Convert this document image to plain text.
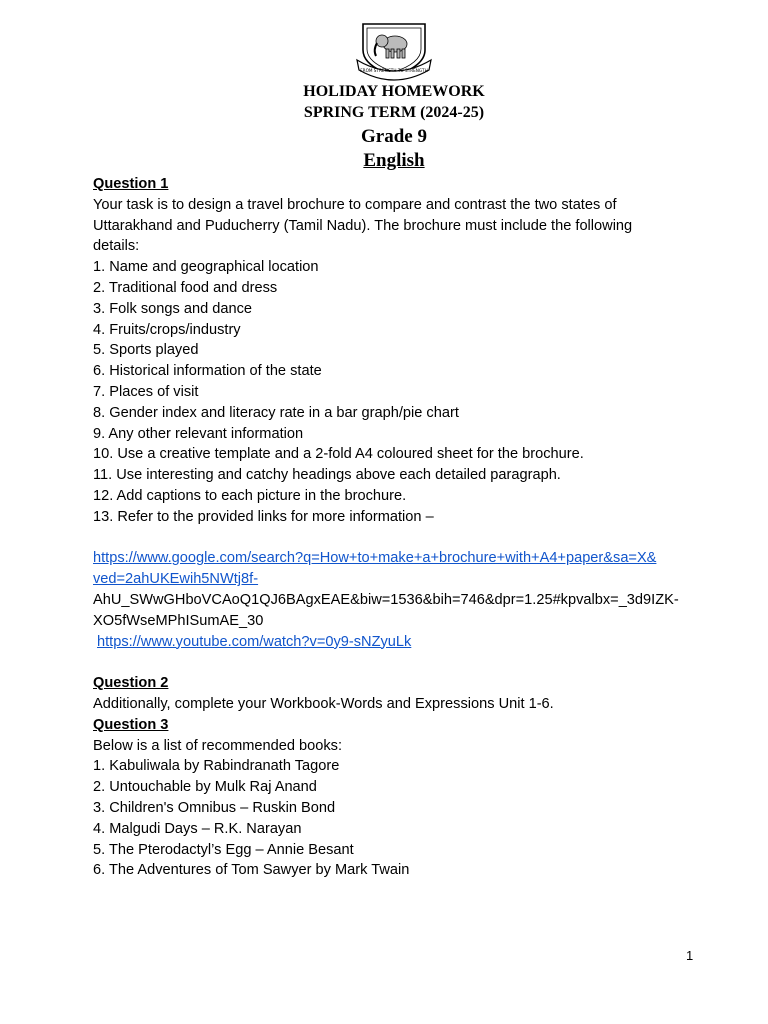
FROM STRENGTH TO STRENGTH
HOLIDAY HOMEWORK
SPRING TERM (2024-25)
Grade 9
English
Question 1
Your task is to design a travel brochure to compare and contrast the two states of
Uttarakhand and Puducherry (Tamil Nadu). The brochure must include the following
details:
1. Name and geographical location
2. Traditional food and dress
3. Folk songs and dance
4. Fruits/crops/industry
5. Sports played
6. Historical information of the state
7. Places of visit
8. Gender index and literacy rate in a bar graph/pie chart
9. Any other relevant information
10. Use a creative template and a 2-fold A4 coloured sheet for the brochure.
11. Use interesting and catchy headings above each detailed paragraph.
12. Add captions to each picture in the brochure.
13. Refer to the provided links for more information –
https://www.google.com/search?q=How+to+make+a+brochure+with+A4+paper&sa=X&
ved=2ahUKEwih5NWtj8f-
AhU_SWwGHboVCAoQ1QJ6BAgxEAE&biw=1536&bih=746&dpr=1.25#kpvalbx=_3d9IZK-
XO5fWseMPhISumAE_30
https://www.youtube.com/watch?v=0y9-sNZyuLk
Question 2
Additionally, complete your Workbook-Words and Expressions Unit 1-6.
Question 3
Below is a list of recommended books:
1. Kabuliwala by Rabindranath Tagore
2. Untouchable by Mulk Raj Anand
3. Children's Omnibus – Ruskin Bond
4. Malgudi Days – R.K. Narayan
5. The Pterodactyl’s Egg – Annie Besant
6. The Adventures of Tom Sawyer by Mark Twain
1
